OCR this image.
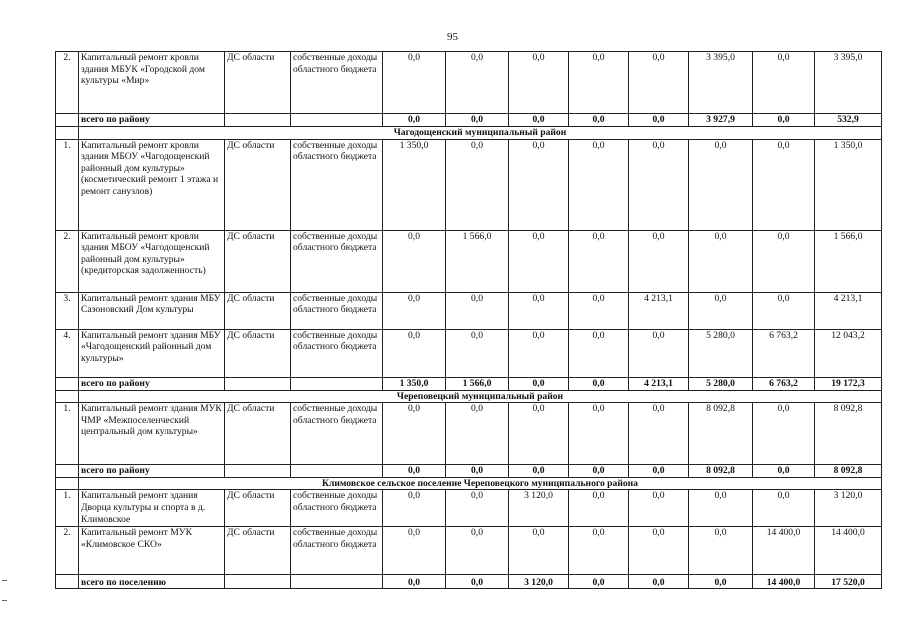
95
2.	Капитальный ремонт кровли здания МБУК «Городской дом культуры «Мир»	ДС области	собственные доходы областного бюджета	0,0	0,0	0,0	0,0	0,0	3 395,0	0,0	3 395,0
	всего по району			0,0	0,0	0,0	0,0	0,0	3 927,9	0,0	532,9
	Чагодощенский муниципальный район										
1.	Капитальный ремонт кровли здания МБОУ «Чагодощенский районный дом культуры» (косметический ремонт 1 этажа и ремонт санузлов)	ДС области	собственные доходы областного бюджета	1 350,0	0,0	0,0	0,0	0,0	0,0	0,0	1 350,0
2.	Капитальный ремонт кровли здания МБОУ «Чагодощенский районный дом культуры» (кредиторская задолженность)	ДС области	собственные доходы областного бюджета	0,0	1 566,0	0,0	0,0	0,0	0,0	0,0	1 566,0
3.	Капитальный ремонт здания МБУ Сазоновский Дом культуры	ДС области	собственные доходы областного бюджета	0,0	0,0	0,0	0,0	4 213,1	0,0	0,0	4 213,1
4.	Капитальный ремонт здания МБУ «Чагодощенский районный дом культуры»	ДС области	собственные доходы областного бюджета	0,0	0,0	0,0	0,0	0,0	5 280,0	6 763,2	12 043,2
	всего по району			1 350,0	1 566,0	0,0	0,0	4 213,1	5 280,0	6 763,2	19 172,3
	Череповецкий муниципальный район										
1.	Капитальный ремонт здания МУК ЧМР «Межпоселенческий центральный дом культуры»	ДС области	собственные доходы областного бюджета	0,0	0,0	0,0	0,0	0,0	8 092,8	0,0	8 092,8
	всего по району			0,0	0,0	0,0	0,0	0,0	8 092,8	0,0	8 092,8
	Климовское сельское поселение Череповецкого муниципального района										
1.	Капитальный ремонт здания Дворца культуры и спорта в д. Климовское	ДС области	собственные доходы областного бюджета	0,0	0,0	3 120,0	0,0	0,0	0,0	0,0	3 120,0
2.	Капитальный ремонт МУК «Климовское СКО»	ДС области	собственные доходы областного бюджета	0,0	0,0	0,0	0,0	0,0	0,0	14 400,0	14 400,0
	всего по поселению			0,0	0,0	3 120,0	0,0	0,0	0,0	14 400,0	17 520,0
